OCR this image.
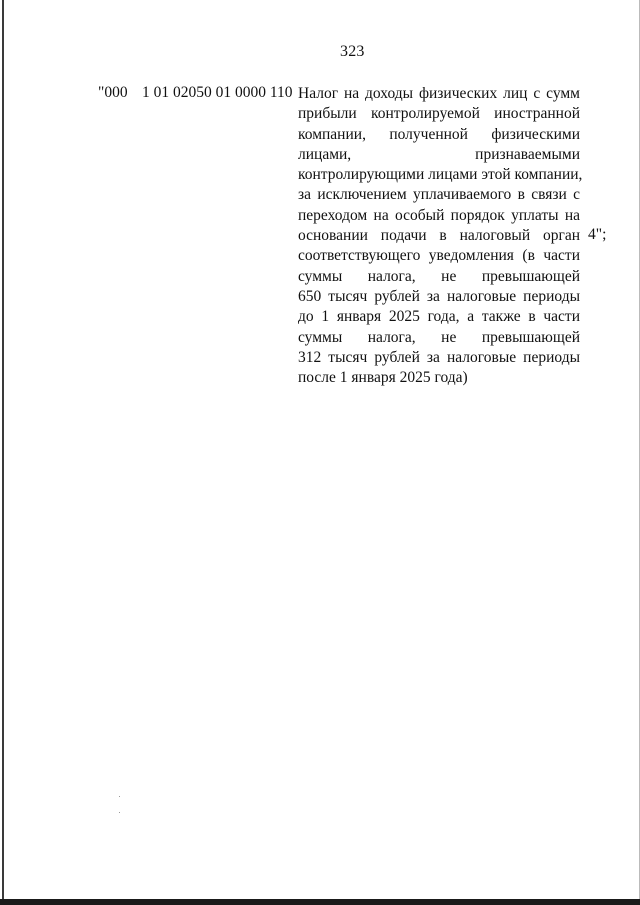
323
"000 1 01 02050 01 0000 110 Налог на доходы физических лиц с сумм
прибыли контролируемой иностранной
компании, полученной физическими
лицами, признаваемыми
контролирующими лицами этой компании,
за исключением уплачиваемого в связи с
переходом на особый порядок уплаты на
основании подачи в налоговый орган
соответствующего уведомления (в части
суммы налога, не превышающей
650 тысяч рублей за налоговые периоды
до 1 января 2025 года, а также в части
суммы налога, не превышающей
312 тысяч рублей за налоговые периоды
после 1 января 2025 года)
4";
